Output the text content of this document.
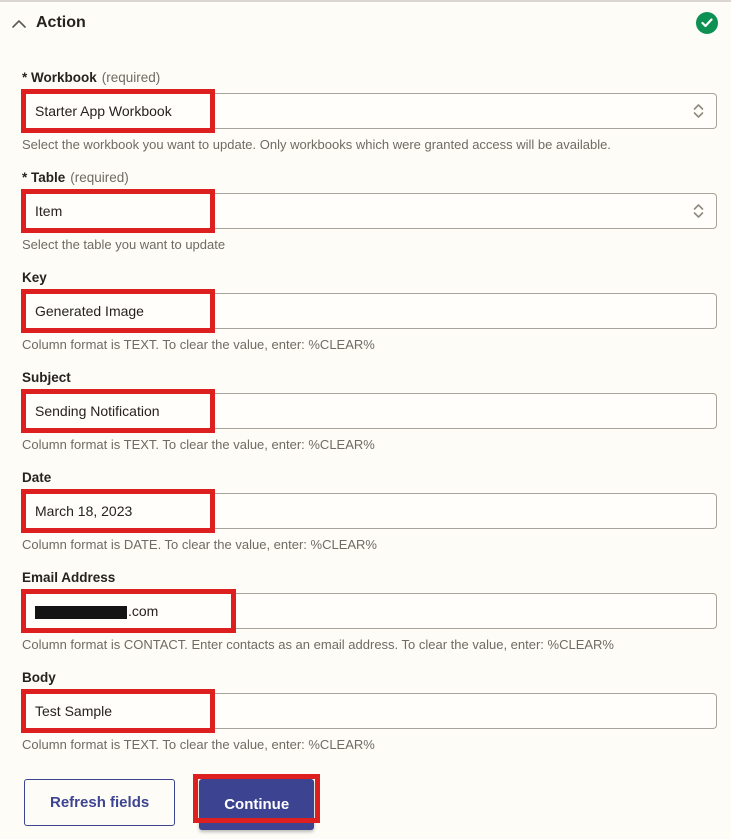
Action
* Workbook (required)
Starter App Workbook
Select the workbook you want to update. Only workbooks which were granted access will be available.
* Table (required)
Item
Select the table you want to update
Key
Generated Image
Column format is TEXT. To clear the value, enter: %CLEAR%
Subject
Sending Notification
Column format is TEXT. To clear the value, enter: %CLEAR%
Date
March 18, 2023
Column format is DATE. To clear the value, enter: %CLEAR%
Email Address
.com
Column format is CONTACT. Enter contacts as an email address. To clear the value, enter: %CLEAR%
Body
Test Sample
Column format is TEXT. To clear the value, enter: %CLEAR%
Refresh fields	Continue
